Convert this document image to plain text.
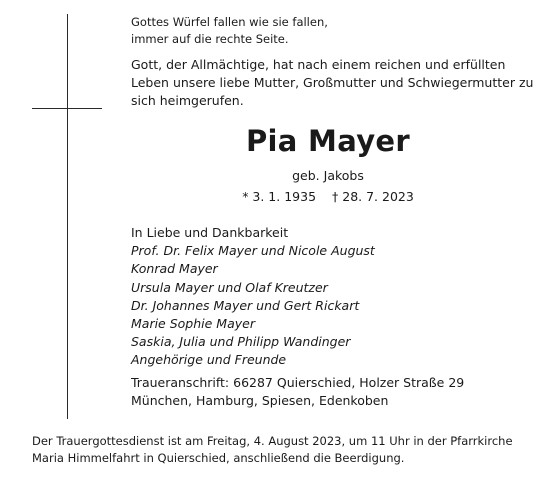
Gottes Würfel fallen wie sie fallen,
immer auf die rechte Seite.
Gott, der Allmächtige, hat nach einem reichen und erfüllten
Leben unsere liebe Mutter, Großmutter und Schwiegermutter zu
sich heimgerufen.
Pia Mayer
geb. Jakobs
* 3. 1. 1935 † 28. 7. 2023
In Liebe und Dankbarkeit
Prof. Dr. Felix Mayer und Nicole August
Konrad Mayer
Ursula Mayer und Olaf Kreutzer
Dr. Johannes Mayer und Gert Rickart
Marie Sophie Mayer
Saskia, Julia und Philipp Wandinger
Angehörige und Freunde
Traueranschrift: 66287 Quierschied, Holzer Straße 29
München, Hamburg, Spiesen, Edenkoben
Der Trauergottesdienst ist am Freitag, 4. August 2023, um 11 Uhr in der Pfarrkirche
Maria Himmelfahrt in Quierschied, anschließend die Beerdigung.
